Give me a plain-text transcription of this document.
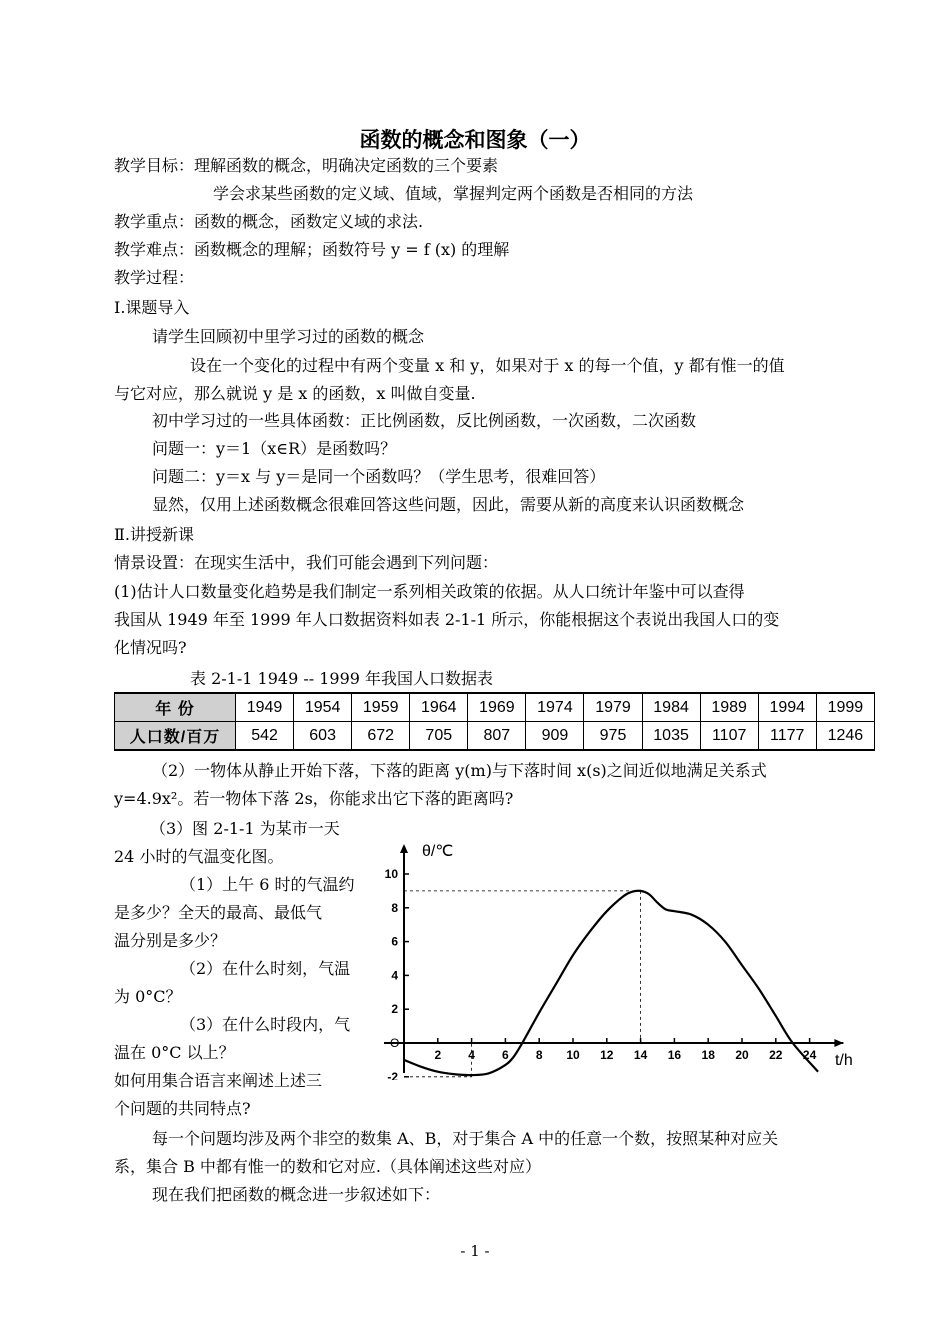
函数的概念和图象（一）
教学目标：理解函数的概念，明确决定函数的三个要素
学会求某些函数的定义域、值域，掌握判定两个函数是否相同的方法
教学重点：函数的概念，函数定义域的求法.
教学难点：函数概念的理解；函数符号 y = f (x) 的理解
教学过程：
Ⅰ.课题导入
请学生回顾初中里学习过的函数的概念
设在一个变化的过程中有两个变量 x 和 y，如果对于 x 的每一个值，y 都有惟一的值
与它对应，那么就说 y 是 x 的函数，x 叫做自变量.
初中学习过的一些具体函数：正比例函数，反比例函数，一次函数，二次函数
问题一：y＝1（x∈R）是函数吗？
问题二：y＝x 与 y＝是同一个函数吗？（学生思考，很难回答）
显然，仅用上述函数概念很难回答这些问题，因此，需要从新的高度来认识函数概念
Ⅱ.讲授新课
情景设置：在现实生活中，我们可能会遇到下列问题：
(1)估计人口数量变化趋势是我们制定一系列相关政策的依据。从人口统计年鉴中可以查得
我国从 1949 年至 1999 年人口数据资料如表 2-1-1 所示，你能根据这个表说出我国人口的变
化情况吗?
表 2-1-1 1949 -- 1999 年我国人口数据表
年 份	1949	1954	1959	1964	1969	1974	1979	1984	1989	1994	1999
人口数/百万	542	603	672	705	807	909	975	1035	1107	1177	1246
（2）一物体从静止开始下落，下落的距离 y(m)与下落时间 x(s)之间近似地满足关系式
y=4.9x²。若一物体下落 2s，你能求出它下落的距离吗?
（3）图 2-1-1 为某市一天
24 小时的气温变化图。
（1）上午 6 时的气温约
是多少？全天的最高、最低气
温分别是多少？
（2）在什么时刻，气温
为 0°C？
（3）在什么时段内，气
温在 0°C 以上？
如何用集合语言来阐述上述三
个问题的共同特点?
2 4 6 8 10 12 14 16 18 20 22 24
-2
2
4
6
8
10
θ/℃
t/h
O
每一个问题均涉及两个非空的数集 A、B，对于集合 A 中的任意一个数，按照某种对应关
系，集合 B 中都有惟一的数和它对应.（具体阐述这些对应）
现在我们把函数的概念进一步叙述如下：
- 1 -
